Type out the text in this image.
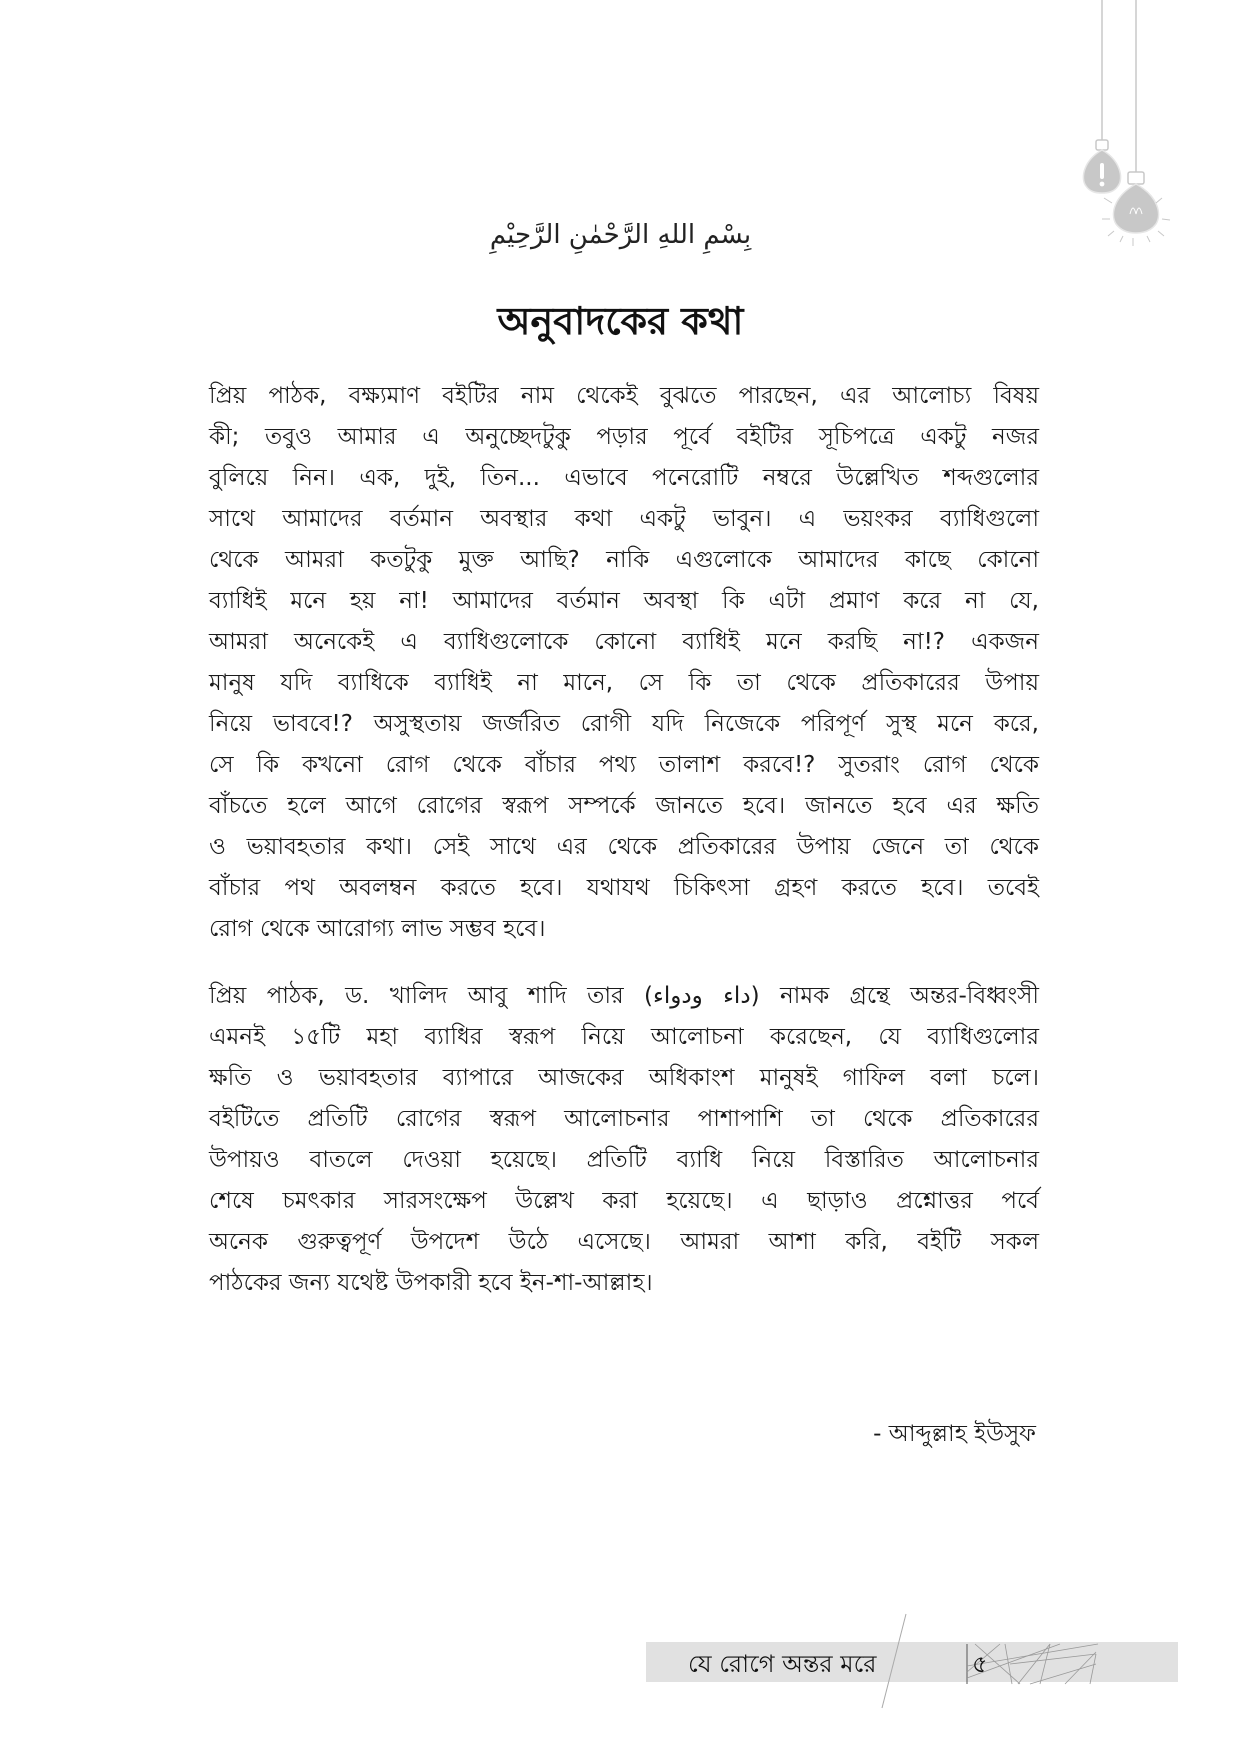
بِسْمِ اللهِ الرَّحْمٰنِ الرَّحِيْمِ
অনুবাদকের কথা
প্রিয় পাঠক, বক্ষ্যমাণ বইটির নাম থেকেই বুঝতে পারছেন, এর আলোচ্য বিষয়
কী; তবুও আমার এ অনুচ্ছেদটুকু পড়ার পূর্বে বইটির সূচিপত্রে একটু নজর
বুলিয়ে নিন। এক, দুই, তিন... এভাবে পনেরোটি নম্বরে উল্লেখিত শব্দগুলোর
সাথে আমাদের বর্তমান অবস্থার কথা একটু ভাবুন। এ ভয়ংকর ব্যাধিগুলো
থেকে আমরা কতটুকু মুক্ত আছি? নাকি এগুলোকে আমাদের কাছে কোনো
ব্যাধিই মনে হয় না! আমাদের বর্তমান অবস্থা কি এটা প্রমাণ করে না যে,
আমরা অনেকেই এ ব্যাধিগুলোকে কোনো ব্যাধিই মনে করছি না!? একজন
মানুষ যদি ব্যাধিকে ব্যাধিই না মানে, সে কি তা থেকে প্রতিকারের উপায়
নিয়ে ভাববে!? অসুস্থতায় জর্জরিত রোগী যদি নিজেকে পরিপূর্ণ সুস্থ মনে করে,
সে কি কখনো রোগ থেকে বাঁচার পথ্য তালাশ করবে!? সুতরাং রোগ থেকে
বাঁচতে হলে আগে রোগের স্বরূপ সম্পর্কে জানতে হবে। জানতে হবে এর ক্ষতি
ও ভয়াবহতার কথা। সেই সাথে এর থেকে প্রতিকারের উপায় জেনে তা থেকে
বাঁচার পথ অবলম্বন করতে হবে। যথাযথ চিকিৎসা গ্রহণ করতে হবে। তবেই
রোগ থেকে আরোগ্য লাভ সম্ভব হবে।
প্রিয় পাঠক, ড. খালিদ আবু শাদি তার (داء ودواء) নামক গ্রন্থে অন্তর-বিধ্বংসী
এমনই ১৫টি মহা ব্যাধির স্বরূপ নিয়ে আলোচনা করেছেন, যে ব্যাধিগুলোর
ক্ষতি ও ভয়াবহতার ব্যাপারে আজকের অধিকাংশ মানুষই গাফিল বলা চলে।
বইটিতে প্রতিটি রোগের স্বরূপ আলোচনার পাশাপাশি তা থেকে প্রতিকারের
উপায়ও বাতলে দেওয়া হয়েছে। প্রতিটি ব্যাধি নিয়ে বিস্তারিত আলোচনার
শেষে চমৎকার সারসংক্ষেপ উল্লেখ করা হয়েছে। এ ছাড়াও প্রশ্নোত্তর পর্বে
অনেক গুরুত্বপূর্ণ উপদেশ উঠে এসেছে। আমরা আশা করি, বইটি সকল
পাঠকের জন্য যথেষ্ট উপকারী হবে ইন-শা-আল্লাহ।
- আব্দুল্লাহ ইউসুফ
যে রোগে অন্তর মরে	৫
